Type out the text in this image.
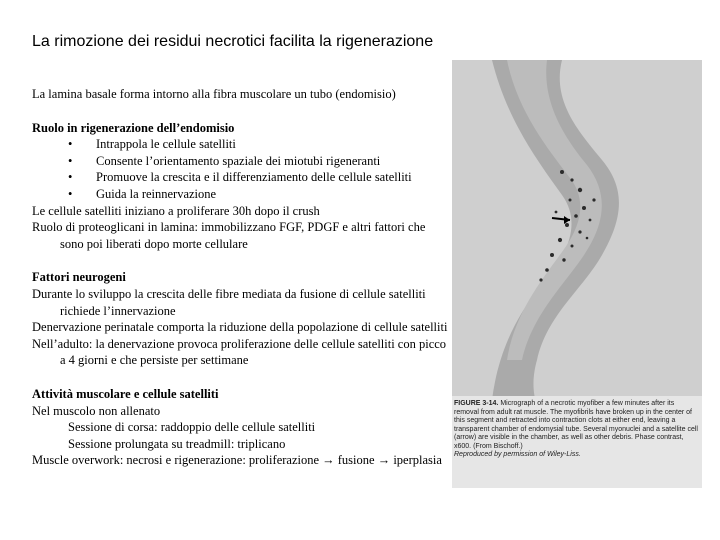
La rimozione dei residui necrotici facilita la rigenerazione

La lamina basale forma intorno alla fibra muscolare un tubo (endomisio)

Ruolo in rigenerazione dell’endomisio

• Intrappola le cellule satelliti

• Consente l’orientamento spaziale dei miotubi rigeneranti

• Promuove la crescita e il differenziamento delle cellule satelliti

• Guida la reinnervazione

Le cellule satelliti iniziano a proliferare 30h dopo il crush

Ruolo di proteoglicani in lamina: immobilizzano FGF, PDGF e altri fattori che sono poi liberati dopo morte cellulare

Fattori neurogeni

Durante lo sviluppo la crescita delle fibre mediata da fusione di cellule satelliti richiede l’innervazione

Denervazione perinatale comporta la riduzione della popolazione di cellule satelliti

Nell’adulto: la denervazione provoca proliferazione delle cellule satelliti con picco a 4 giorni e che persiste per settimane

Attività muscolare e cellule satelliti

Nel muscolo non allenato

Sessione di corsa: raddoppio delle cellule satelliti

Sessione prolungata su treadmill: triplicano

Muscle overwork: necrosi e rigenerazione: proliferazione → fusione → iperplasia

FIGURE 3-14. Micrograph of a necrotic myofiber a few minutes after its removal from adult rat muscle. The myofibrils have broken up in the center of this segment and retracted into contraction clots at either end, leaving a transparent chamber of endomysial tube. Several myonuclei and a satellite cell (arrow) are visible in the chamber, as well as other debris. Phase contrast, x600. (From Bischoff.)

Reproduced by permission of Wiley-Liss.
